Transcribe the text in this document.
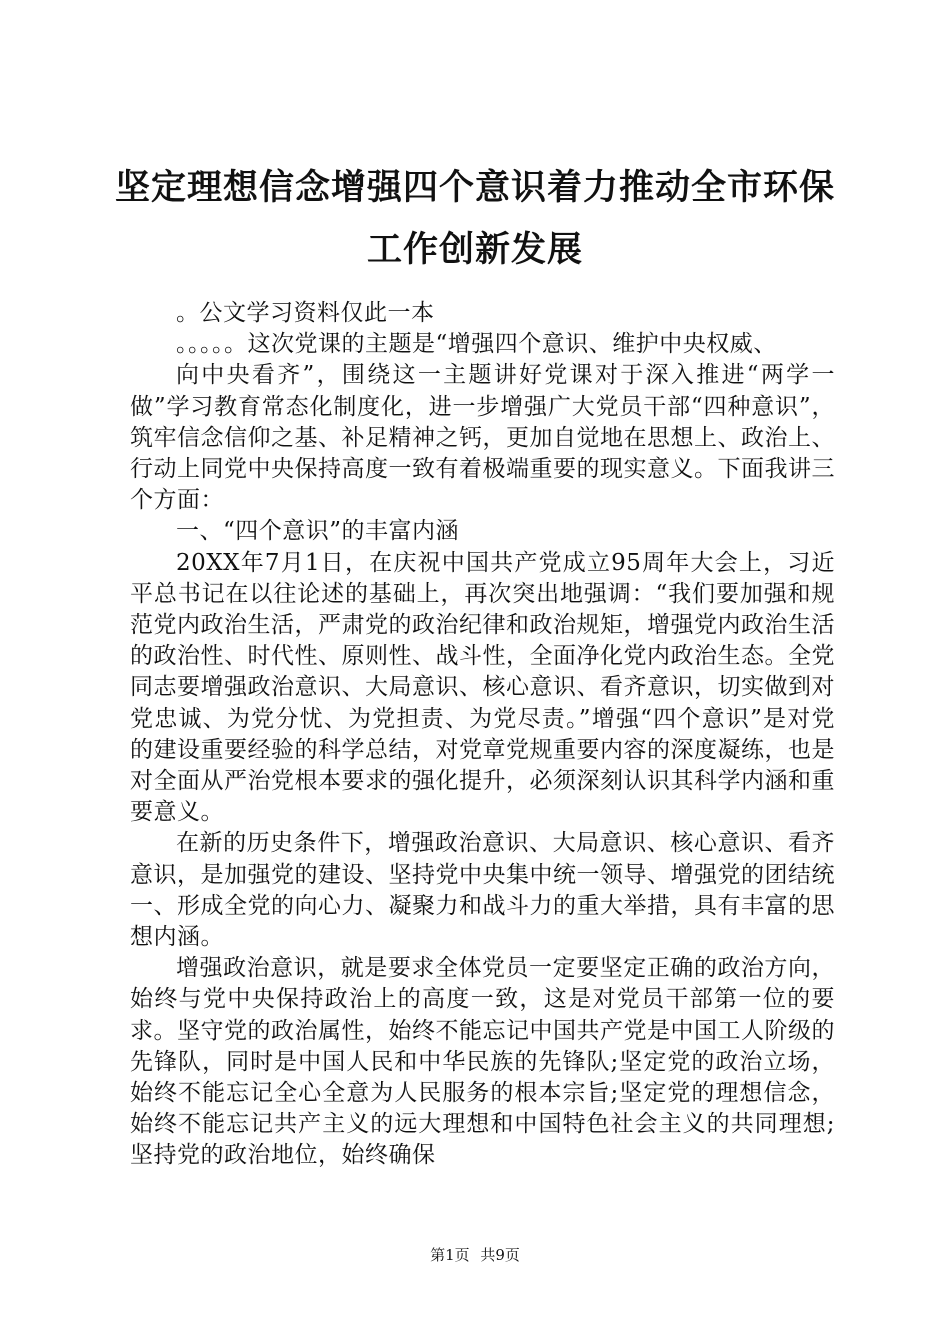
坚定理想信念增强四个意识着力推动全市环保
工作创新发展

。公文学习资料仅此一本

。。。。。这次党课的主题是“增强四个意识、维护中央权威、

向中央看齐”，围绕这一主题讲好党课对于深入推进“两学一做”学习教育常态化制度化，进一步增强广大党员干部“四种意识”，筑牢信念信仰之基、补足精神之钙，更加自觉地在思想上、政治上、行动上同党中央保持高度一致有着极端重要的现实意义。下面我讲三个方面：

一、“四个意识”的丰富内涵

20XX年7月1日，在庆祝中国共产党成立95周年大会上，习近平总书记在以往论述的基础上，再次突出地强调：“我们要加强和规范党内政治生活，严肃党的政治纪律和政治规矩，增强党内政治生活的政治性、时代性、原则性、战斗性，全面净化党内政治生态。全党同志要增强政治意识、大局意识、核心意识、看齐意识，切实做到对党忠诚、为党分忧、为党担责、为党尽责。”增强“四个意识”是对党的建设重要经验的科学总结，对党章党规重要内容的深度凝练，也是对全面从严治党根本要求的强化提升，必须深刻认识其科学内涵和重要意义。

在新的历史条件下，增强政治意识、大局意识、核心意识、看齐意识，是加强党的建设、坚持党中央集中统一领导、增强党的团结统一、形成全党的向心力、凝聚力和战斗力的重大举措，具有丰富的思想内涵。

增强政治意识，就是要求全体党员一定要坚定正确的政治方向，始终与党中央保持政治上的高度一致，这是对党员干部第一位的要求。坚守党的政治属性，始终不能忘记中国共产党是中国工人阶级的先锋队，同时是中国人民和中华民族的先锋队;坚定党的政治立场，始终不能忘记全心全意为人民服务的根本宗旨;坚定党的理想信念，始终不能忘记共产主义的远大理想和中国特色社会主义的共同理想;坚持党的政治地位，始终确保

第1页 共9页
